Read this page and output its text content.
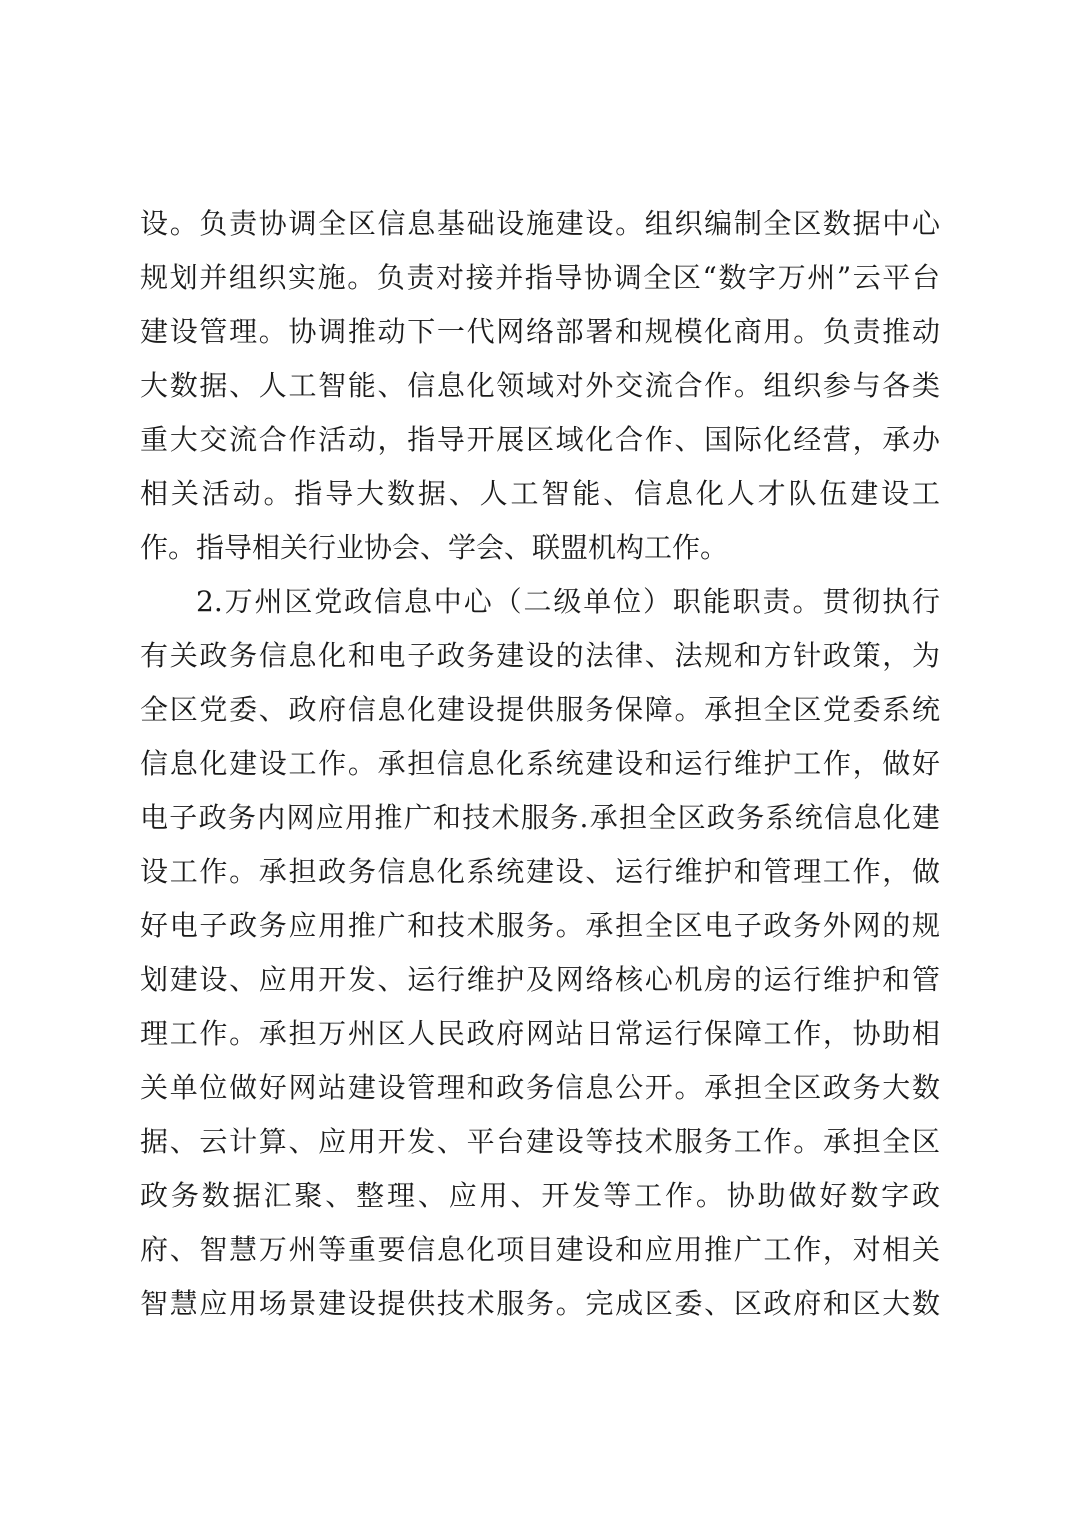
设。负责协调全区信息基础设施建设。组织编制全区数据中心

规划并组织实施。负责对接并指导协调全区“数字万州”云平台

建设管理。协调推动下一代网络部署和规模化商用。负责推动

大数据、人工智能、信息化领域对外交流合作。组织参与各类

重大交流合作活动，指导开展区域化合作、国际化经营，承办

相关活动。指导大数据、人工智能、信息化人才队伍建设工

作。指导相关行业协会、学会、联盟机构工作。

2.万州区党政信息中心（二级单位）职能职责。贯彻执行

有关政务信息化和电子政务建设的法律、法规和方针政策，为

全区党委、政府信息化建设提供服务保障。承担全区党委系统

信息化建设工作。承担信息化系统建设和运行维护工作，做好

电子政务内网应用推广和技术服务.承担全区政务系统信息化建

设工作。承担政务信息化系统建设、运行维护和管理工作，做

好电子政务应用推广和技术服务。承担全区电子政务外网的规

划建设、应用开发、运行维护及网络核心机房的运行维护和管

理工作。承担万州区人民政府网站日常运行保障工作，协助相

关单位做好网站建设管理和政务信息公开。承担全区政务大数

据、云计算、应用开发、平台建设等技术服务工作。承担全区

政务数据汇聚、整理、应用、开发等工作。协助做好数字政

府、智慧万州等重要信息化项目建设和应用推广工作，对相关

智慧应用场景建设提供技术服务。完成区委、区政府和区大数
